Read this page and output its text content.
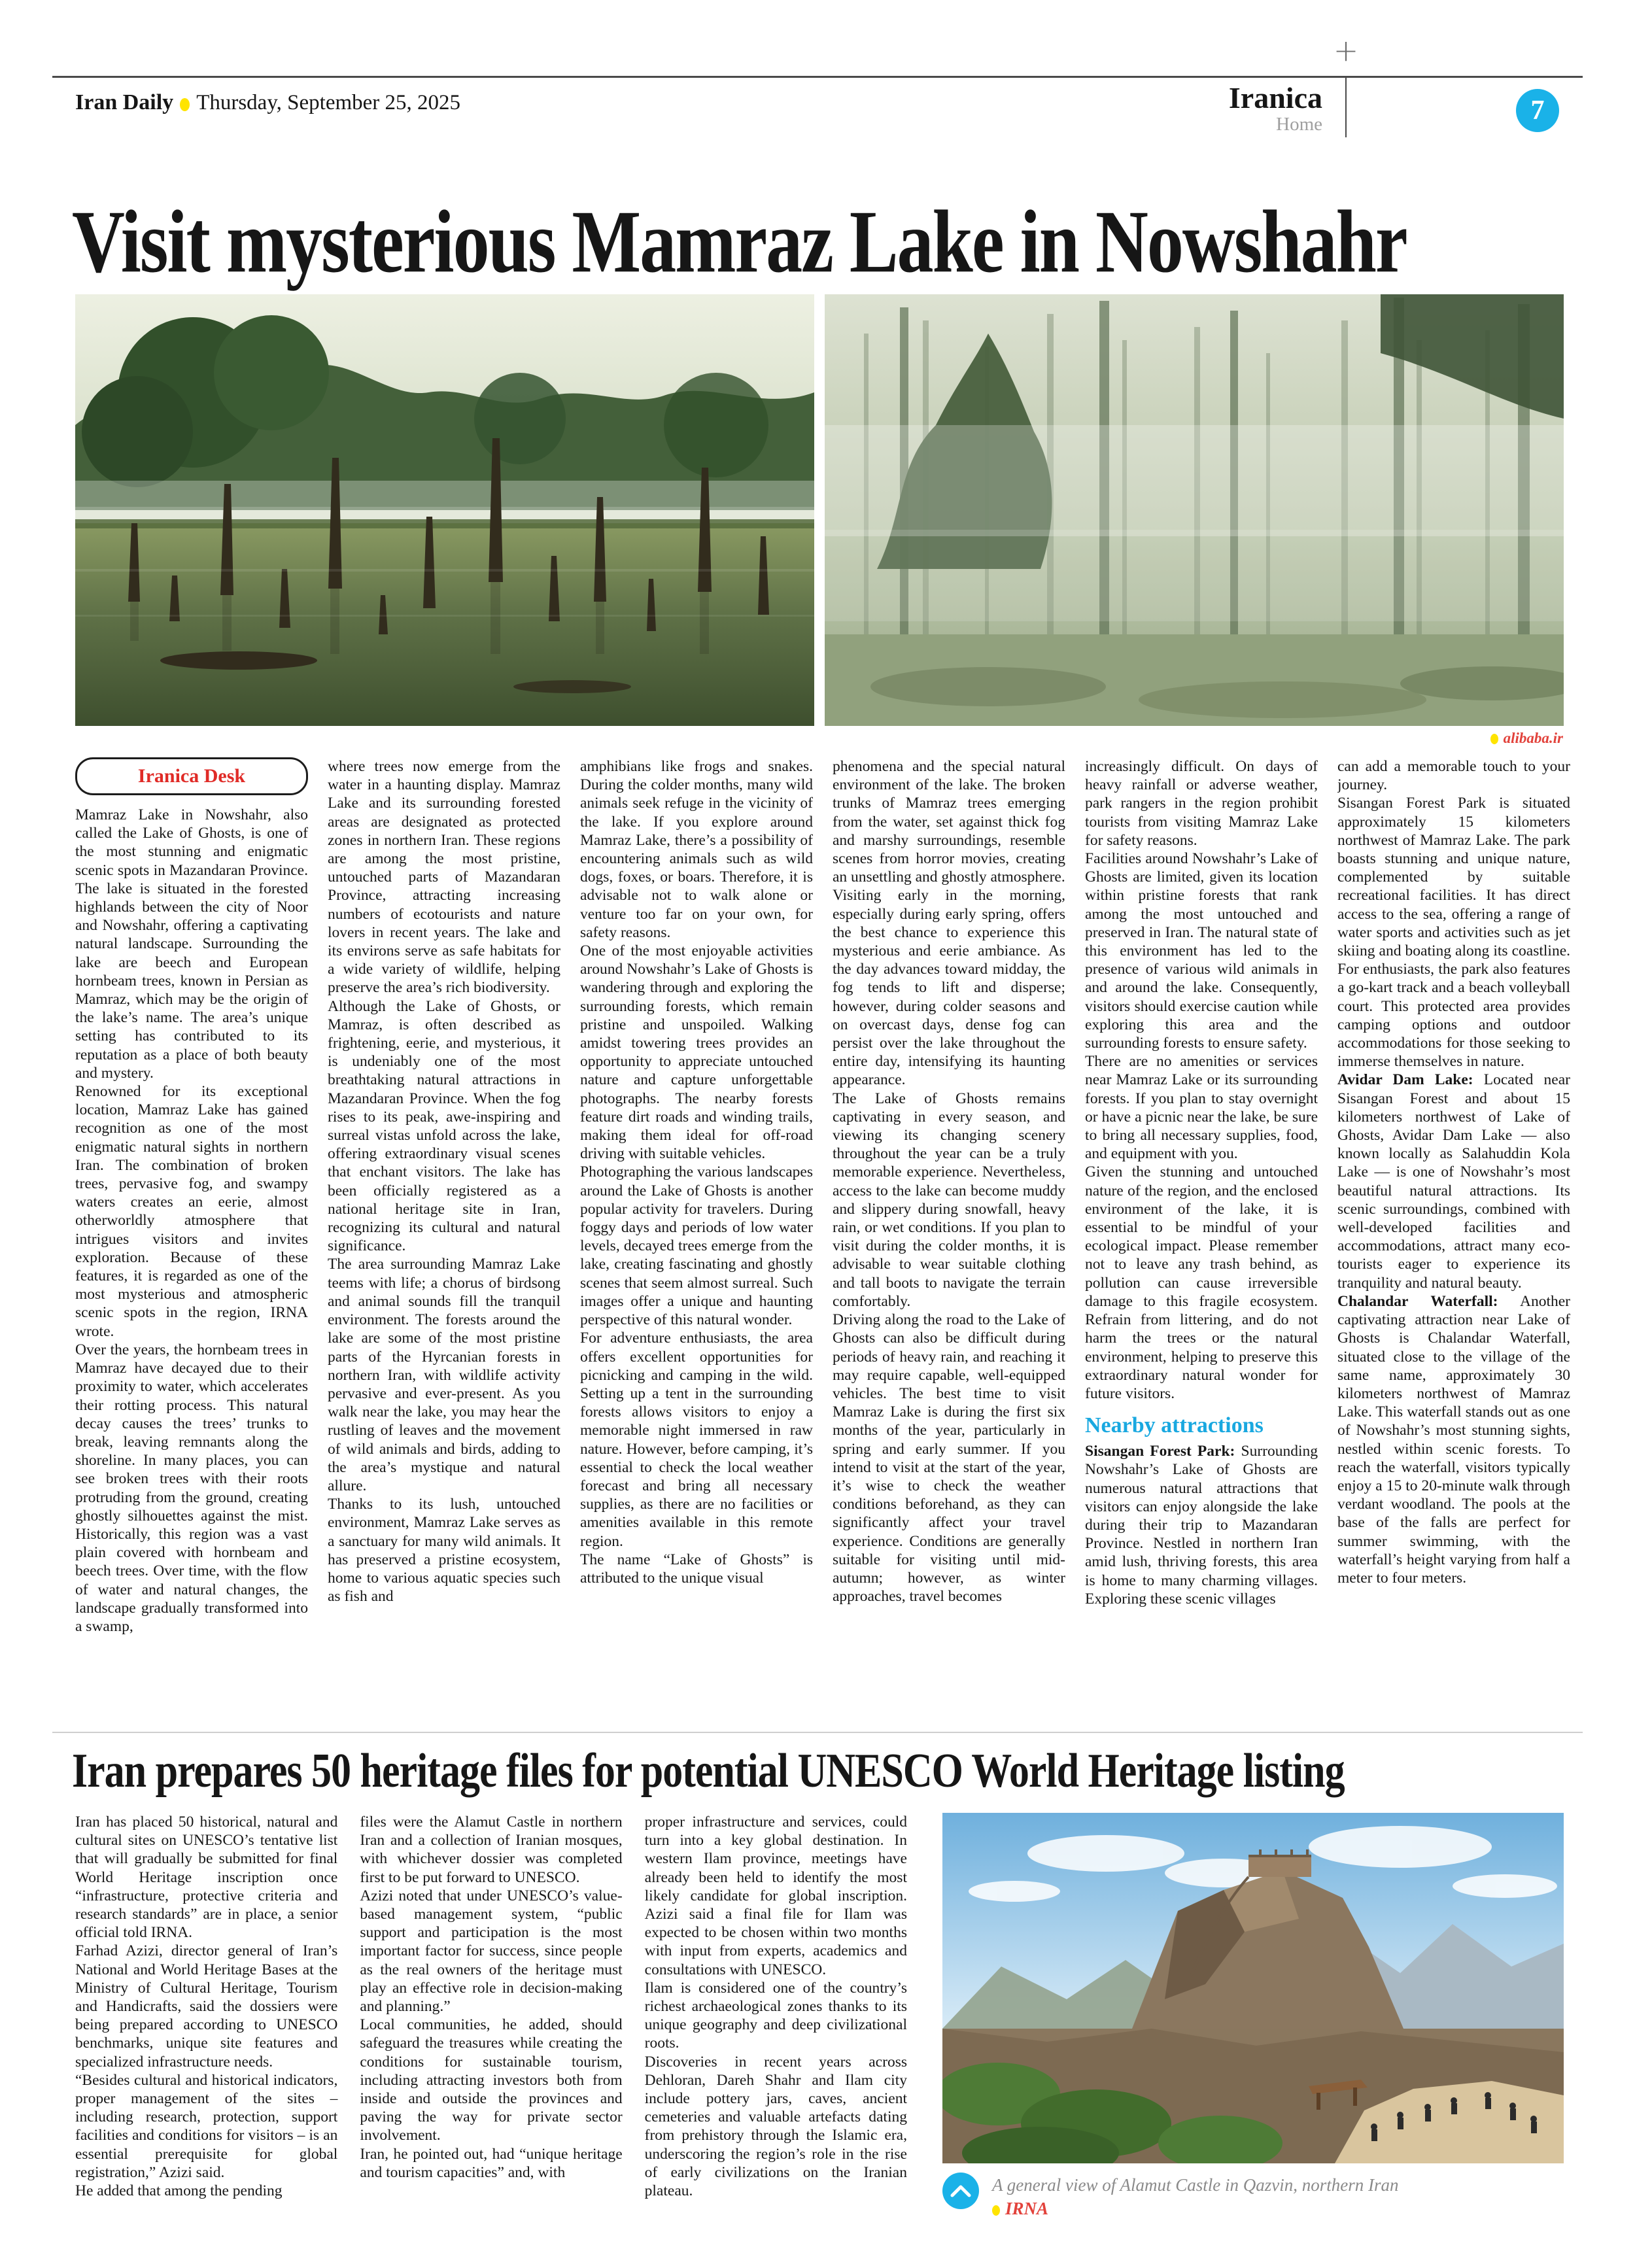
+
Iran Daily Thursday, September 25, 2025	Iranica
Home	7
Visit mysterious Mamraz Lake in Nowshahr
alibaba.ir
Iranica Desk

Mamraz Lake in Nowshahr, also called the Lake of Ghosts, is one of the most stunning and enigmatic scenic spots in Mazandaran Province. The lake is situated in the forested highlands between the city of Noor and Nowshahr, offering a captivating natural landscape. Surrounding the lake are beech and European hornbeam trees, known in Persian as Mamraz, which may be the origin of the lake’s name. The area’s unique setting has contributed to its reputation as a place of both beauty and mystery.

Renowned for its exceptional location, Mamraz Lake has gained recognition as one of the most enigmatic natural sights in northern Iran. The combination of broken trees, pervasive fog, and swampy waters creates an eerie, almost otherworldly atmosphere that intrigues visitors and invites exploration. Because of these features, it is regarded as one of the most mysterious and atmospheric scenic spots in the region, IRNA wrote.

Over the years, the hornbeam trees in Mamraz have decayed due to their proximity to water, which accelerates their rotting process. This natural decay causes the trees’ trunks to break, leaving remnants along the shoreline. In many places, you can see broken trees with their roots protruding from the ground, creating ghostly silhouettes against the mist. Historically, this region was a vast plain covered with hornbeam and beech trees. Over time, with the flow of water and natural changes, the landscape gradually transformed into a swamp,

where trees now emerge from the water in a haunting display. Mamraz Lake and its surrounding forested areas are designated as protected zones in northern Iran. These regions are among the most pristine, untouched parts of Mazandaran Province, attracting increasing numbers of ecotourists and nature lovers in recent years. The lake and its environs serve as safe habitats for a wide variety of wildlife, helping preserve the area’s rich biodiversity.

Although the Lake of Ghosts, or Mamraz, is often described as frightening, eerie, and mysterious, it is undeniably one of the most breathtaking natural attractions in Mazandaran Province. When the fog rises to its peak, awe-inspiring and surreal vistas unfold across the lake, offering extraordinary visual scenes that enchant visitors. The lake has been officially registered as a national heritage site in Iran, recognizing its cultural and natural significance.

The area surrounding Mamraz Lake teems with life; a chorus of birdsong and animal sounds fill the tranquil environment. The forests around the lake are some of the most pristine parts of the Hyrcanian forests in northern Iran, with wildlife activity pervasive and ever-present. As you walk near the lake, you may hear the rustling of leaves and the movement of wild animals and birds, adding to the area’s mystique and natural allure.

Thanks to its lush, untouched environment, Mamraz Lake serves as a sanctuary for many wild animals. It has preserved a pristine ecosystem, home to various aquatic species such as fish and

amphibians like frogs and snakes. During the colder months, many wild animals seek refuge in the vicinity of the lake. If you explore around Mamraz Lake, there’s a possibility of encountering animals such as wild dogs, foxes, or boars. Therefore, it is advisable not to walk alone or venture too far on your own, for safety reasons.

One of the most enjoyable activities around Nowshahr’s Lake of Ghosts is wandering through and exploring the surrounding forests, which remain pristine and unspoiled. Walking amidst towering trees provides an opportunity to appreciate untouched nature and capture unforgettable photographs. The nearby forests feature dirt roads and winding trails, making them ideal for off-road driving with suitable vehicles.

Photographing the various landscapes around the Lake of Ghosts is another popular activity for travelers. During foggy days and periods of low water levels, decayed trees emerge from the lake, creating fascinating and ghostly scenes that seem almost surreal. Such images offer a unique and haunting perspective of this natural wonder.

For adventure enthusiasts, the area offers excellent opportunities for picnicking and camping in the wild. Setting up a tent in the surrounding forests allows visitors to enjoy a memorable night immersed in raw nature. However, before camping, it’s essential to check the local weather forecast and bring all necessary supplies, as there are no facilities or amenities available in this remote region.

The name “Lake of Ghosts” is attributed to the unique visual

phenomena and the special natural environment of the lake. The broken trunks of Mamraz trees emerging from the water, set against thick fog and marshy surroundings, resemble scenes from horror movies, creating an unsettling and ghostly atmosphere.

Visiting early in the morning, especially during early spring, offers the best chance to experience this mysterious and eerie ambiance. As the day advances toward midday, the fog tends to lift and disperse; however, during colder seasons and on overcast days, dense fog can persist over the lake throughout the entire day, intensifying its haunting appearance.

The Lake of Ghosts remains captivating in every season, and viewing its changing scenery throughout the year can be a truly memorable experience. Nevertheless, access to the lake can become muddy and slippery during snowfall, heavy rain, or wet conditions. If you plan to visit during the colder months, it is advisable to wear suitable clothing and tall boots to navigate the terrain comfortably.

Driving along the road to the Lake of Ghosts can also be difficult during periods of heavy rain, and reaching it may require capable, well-equipped vehicles. The best time to visit Mamraz Lake is during the first six months of the year, particularly in spring and early summer. If you intend to visit at the start of the year, it’s wise to check the weather conditions beforehand, as they can significantly affect your travel experience. Conditions are generally suitable for visiting until mid-autumn; however, as winter approaches, travel becomes

increasingly difficult. On days of heavy rainfall or adverse weather, park rangers in the region prohibit tourists from visiting Mamraz Lake for safety reasons.

Facilities around Nowshahr’s Lake of Ghosts are limited, given its location within pristine forests that rank among the most untouched and preserved in Iran. The natural state of this environment has led to the presence of various wild animals in and around the lake. Consequently, visitors should exercise caution while exploring this area and the surrounding forests to ensure safety.

There are no amenities or services near Mamraz Lake or its surrounding forests. If you plan to stay overnight or have a picnic near the lake, be sure to bring all necessary supplies, food, and equipment with you.

Given the stunning and untouched nature of the region, and the enclosed environment of the lake, it is essential to be mindful of your ecological impact. Please remember not to leave any trash behind, as pollution can cause irreversible damage to this fragile ecosystem. Refrain from littering, and do not harm the trees or the natural environment, helping to preserve this extraordinary natural wonder for future visitors.

Nearby attractions

Sisangan Forest Park: Surrounding Nowshahr’s Lake of Ghosts are numerous natural attractions that visitors can enjoy alongside the lake during their trip to Mazandaran Province. Nestled in northern Iran amid lush, thriving forests, this area is home to many charming villages. Exploring these scenic villages

can add a memorable touch to your journey.

Sisangan Forest Park is situated approximately 15 kilometers northwest of Mamraz Lake. The park boasts stunning and unique nature, complemented by suitable recreational facilities. It has direct access to the sea, offering a range of water sports and activities such as jet skiing and boating along its coastline. For enthusiasts, the park also features a go-kart track and a beach volleyball court. This protected area provides camping options and outdoor accommodations for those seeking to immerse themselves in nature.

Avidar Dam Lake: Located near Sisangan Forest and about 15 kilometers northwest of Lake of Ghosts, Avidar Dam Lake — also known locally as Salahuddin Kola Lake — is one of Nowshahr’s most beautiful natural attractions. Its scenic surroundings, combined with well-developed facilities and accommodations, attract many eco-tourists eager to experience its tranquility and natural beauty.

Chalandar Waterfall: Another captivating attraction near Lake of Ghosts is Chalandar Waterfall, situated close to the village of the same name, approximately 30 kilometers northwest of Mamraz Lake. This waterfall stands out as one of Nowshahr’s most stunning sights, nestled within scenic forests. To reach the waterfall, visitors typically enjoy a 15 to 20-minute walk through verdant woodland. The pools at the base of the falls are perfect for summer swimming, with the waterfall’s height varying from half a meter to four meters.

Iran prepares 50 heritage files for potential UNESCO World Heritage listing

Iran has placed 50 historical, natural and cultural sites on UNESCO’s tentative list that will gradually be submitted for final World Heritage inscription once “infrastructure, protective criteria and research standards” are in place, a senior official told IRNA.

Farhad Azizi, director general of Iran’s National and World Heritage Bases at the Ministry of Cultural Heritage, Tourism and Handicrafts, said the dossiers were being prepared according to UNESCO benchmarks, unique site features and specialized infrastructure needs.

“Besides cultural and historical indicators, proper management of the sites – including research, protection, support facilities and conditions for visitors – is an essential prerequisite for global registration,” Azizi said.

He added that among the pending

files were the Alamut Castle in northern Iran and a collection of Iranian mosques, with whichever dossier was completed first to be put forward to UNESCO.

Azizi noted that under UNESCO’s value-based management system, “public support and participation is the most important factor for success, since people as the real owners of the heritage must play an effective role in decision-making and planning.”

Local communities, he added, should safeguard the treasures while creating the conditions for sustainable tourism, including attracting investors both from inside and outside the provinces and paving the way for private sector involvement.

Iran, he pointed out, had “unique heritage and tourism capacities” and, with

proper infrastructure and services, could turn into a key global destination. In western Ilam province, meetings have already been held to identify the most likely candidate for global inscription. Azizi said a final file for Ilam was expected to be chosen within two months with input from experts, academics and consultations with UNESCO.

Ilam is considered one of the country’s richest archaeological zones thanks to its unique geography and deep civilizational roots.

Discoveries in recent years across Dehloran, Dareh Shahr and Ilam city include pottery jars, caves, ancient cemeteries and valuable artefacts dating from prehistory through the Islamic era, underscoring the region’s role in the rise of early civilizations on the Iranian plateau.	A general view of Alamut Castle in Qazvin, northern Iran
IRNA
